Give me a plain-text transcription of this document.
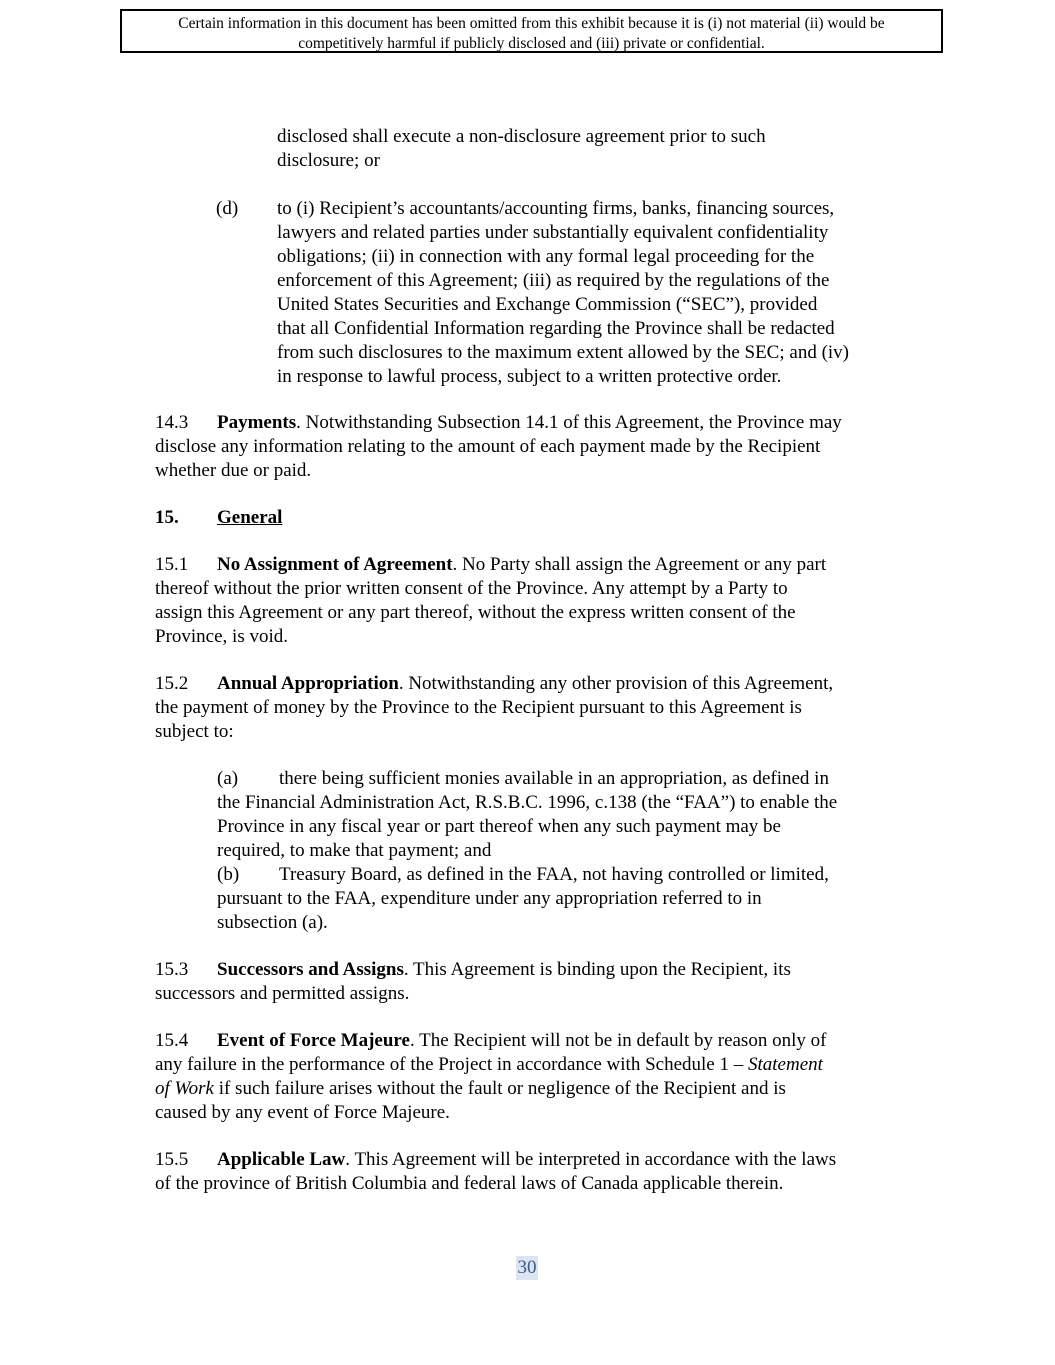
Certain information in this document has been omitted from this exhibit because it is (i) not material (ii) would be
competitively harmful if publicly disclosed and (iii) private or confidential.
disclosed shall execute a non-disclosure agreement prior to such
disclosure; or
(d) to (i) Recipient’s accountants/accounting firms, banks, financing sources,
lawyers and related parties under substantially equivalent confidentiality
obligations; (ii) in connection with any formal legal proceeding for the
enforcement of this Agreement; (iii) as required by the regulations of the
United States Securities and Exchange Commission (“SEC”), provided
that all Confidential Information regarding the Province shall be redacted
from such disclosures to the maximum extent allowed by the SEC; and (iv)
in response to lawful process, subject to a written protective order.
14.3	Payments. Notwithstanding Subsection 14.1 of this Agreement, the Province may
disclose any information relating to the amount of each payment made by the Recipient
whether due or paid.
15. General
15.1	No Assignment of Agreement. No Party shall assign the Agreement or any part
thereof without the prior written consent of the Province. Any attempt by a Party to
assign this Agreement or any part thereof, without the express written consent of the
Province, is void.
15.2	Annual Appropriation. Notwithstanding any other provision of this Agreement,
the payment of money by the Province to the Recipient pursuant to this Agreement is
subject to:
(a)	there being sufficient monies available in an appropriation, as defined in
the Financial Administration Act, R.S.B.C. 1996, c.138 (the “FAA”) to enable the
Province in any fiscal year or part thereof when any such payment may be
required, to make that payment; and
(b)	Treasury Board, as defined in the FAA, not having controlled or limited,
pursuant to the FAA, expenditure under any appropriation referred to in
subsection (a).
15.3	Successors and Assigns. This Agreement is binding upon the Recipient, its
successors and permitted assigns.
15.4	Event of Force Majeure. The Recipient will not be in default by reason only of
any failure in the performance of the Project in accordance with Schedule 1 – Statement
of Work if such failure arises without the fault or negligence of the Recipient and is
caused by any event of Force Majeure.
15.5	Applicable Law. This Agreement will be interpreted in accordance with the laws
of the province of British Columbia and federal laws of Canada applicable therein.
30
